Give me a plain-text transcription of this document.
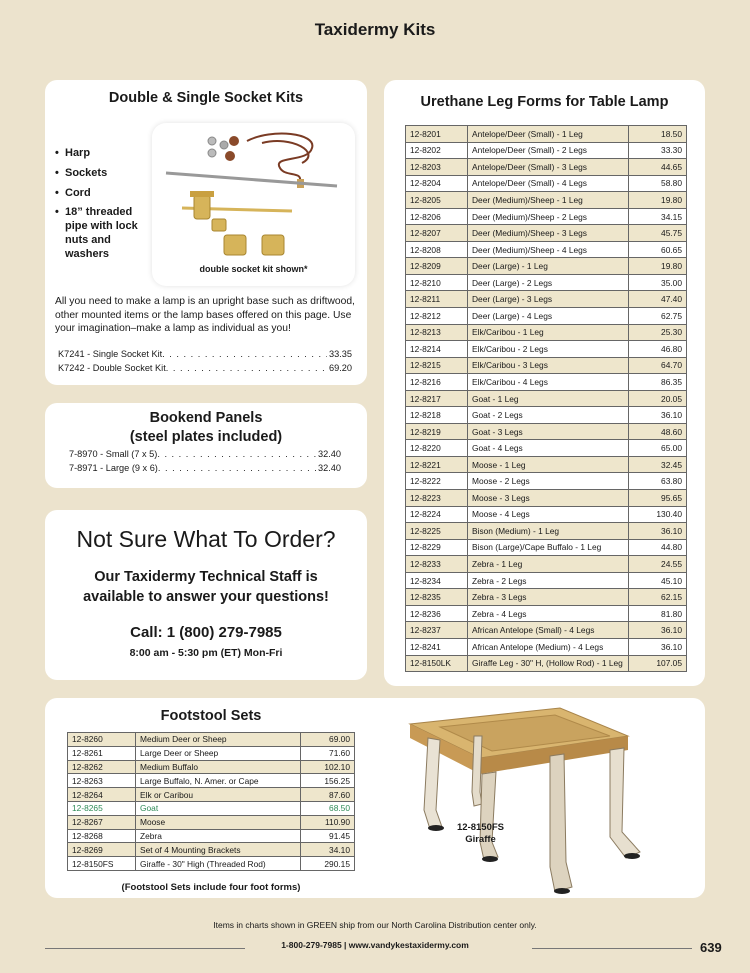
Taxidermy Kits
Double & Single Socket Kits
• Harp
• Sockets
• Cord
• 18” threaded pipe with lock nuts and washers
double socket kit shown*
All you need to make a lamp is an upright base such as driftwood, other mounted items or the lamp bases offered on this page. Use your imagination–make a lamp as individual as you!
K7241 - Single Socket Kit . . .	33.35
K7242 - Double Socket Kit . . .	69.20
Bookend Panels
(steel plates included)
7-8970 - Small (7 x 5) . . .	32.40
7-8971 - Large (9 x 6) . . .	32.40
Not Sure What To Order?
Our Taxidermy Technical Staff is
available to answer your questions!
Call: 1 (800) 279-7985
8:00 am - 5:30 pm (ET) Mon-Fri
Urethane Leg Forms for Table Lamp
12-8201	Antelope/Deer (Small) - 1 Leg	18.50
12-8202	Antelope/Deer (Small) - 2 Legs	33.30
12-8203	Antelope/Deer (Small) - 3 Legs	44.65
12-8204	Antelope/Deer (Small) - 4 Legs	58.80
12-8205	Deer (Medium)/Sheep - 1 Leg	19.80
12-8206	Deer (Medium)/Sheep - 2 Legs	34.15
12-8207	Deer (Medium)/Sheep - 3 Legs	45.75
12-8208	Deer (Medium)/Sheep - 4 Legs	60.65
12-8209	Deer (Large) - 1 Leg	19.80
12-8210	Deer (Large) - 2 Legs	35.00
12-8211	Deer (Large) - 3 Legs	47.40
12-8212	Deer (Large) - 4 Legs	62.75
12-8213	Elk/Caribou - 1 Leg	25.30
12-8214	Elk/Caribou - 2 Legs	46.80
12-8215	Elk/Caribou - 3 Legs	64.70
12-8216	Elk/Caribou - 4 Legs	86.35
12-8217	Goat - 1 Leg	20.05
12-8218	Goat - 2 Legs	36.10
12-8219	Goat - 3 Legs	48.60
12-8220	Goat - 4 Legs	65.00
12-8221	Moose - 1 Leg	32.45
12-8222	Moose - 2 Legs	63.80
12-8223	Moose - 3 Legs	95.65
12-8224	Moose - 4 Legs	130.40
12-8225	Bison (Medium) - 1 Leg	36.10
12-8229	Bison (Large)/Cape Buffalo - 1 Leg	44.80
12-8233	Zebra - 1 Leg	24.55
12-8234	Zebra - 2 Legs	45.10
12-8235	Zebra - 3 Legs	62.15
12-8236	Zebra - 4 Legs	81.80
12-8237	African Antelope (Small) - 4 Legs	36.10
12-8241	African Antelope (Medium) - 4 Legs	36.10
12-8150LK	Giraffe Leg - 30" H, (Hollow Rod) - 1 Leg	107.05
Footstool Sets
12-8260	Medium Deer or Sheep	69.00
12-8261	Large Deer or Sheep	71.60
12-8262	Medium Buffalo	102.10
12-8263	Large Buffalo, N. Amer. or Cape	156.25
12-8264	Elk or Caribou	87.60
12-8265	Goat	68.50
12-8267	Moose	110.90
12-8268	Zebra	91.45
12-8269	Set of 4 Mounting Brackets	34.10
12-8150FS	Giraffe - 30" High (Threaded Rod)	290.15
(Footstool Sets include four foot forms)
12-8150FS
Giraffe
Items in charts shown in GREEN ship from our North Carolina Distribution center only.
1-800-279-7985 | www.vandykestaxidermy.com	639
